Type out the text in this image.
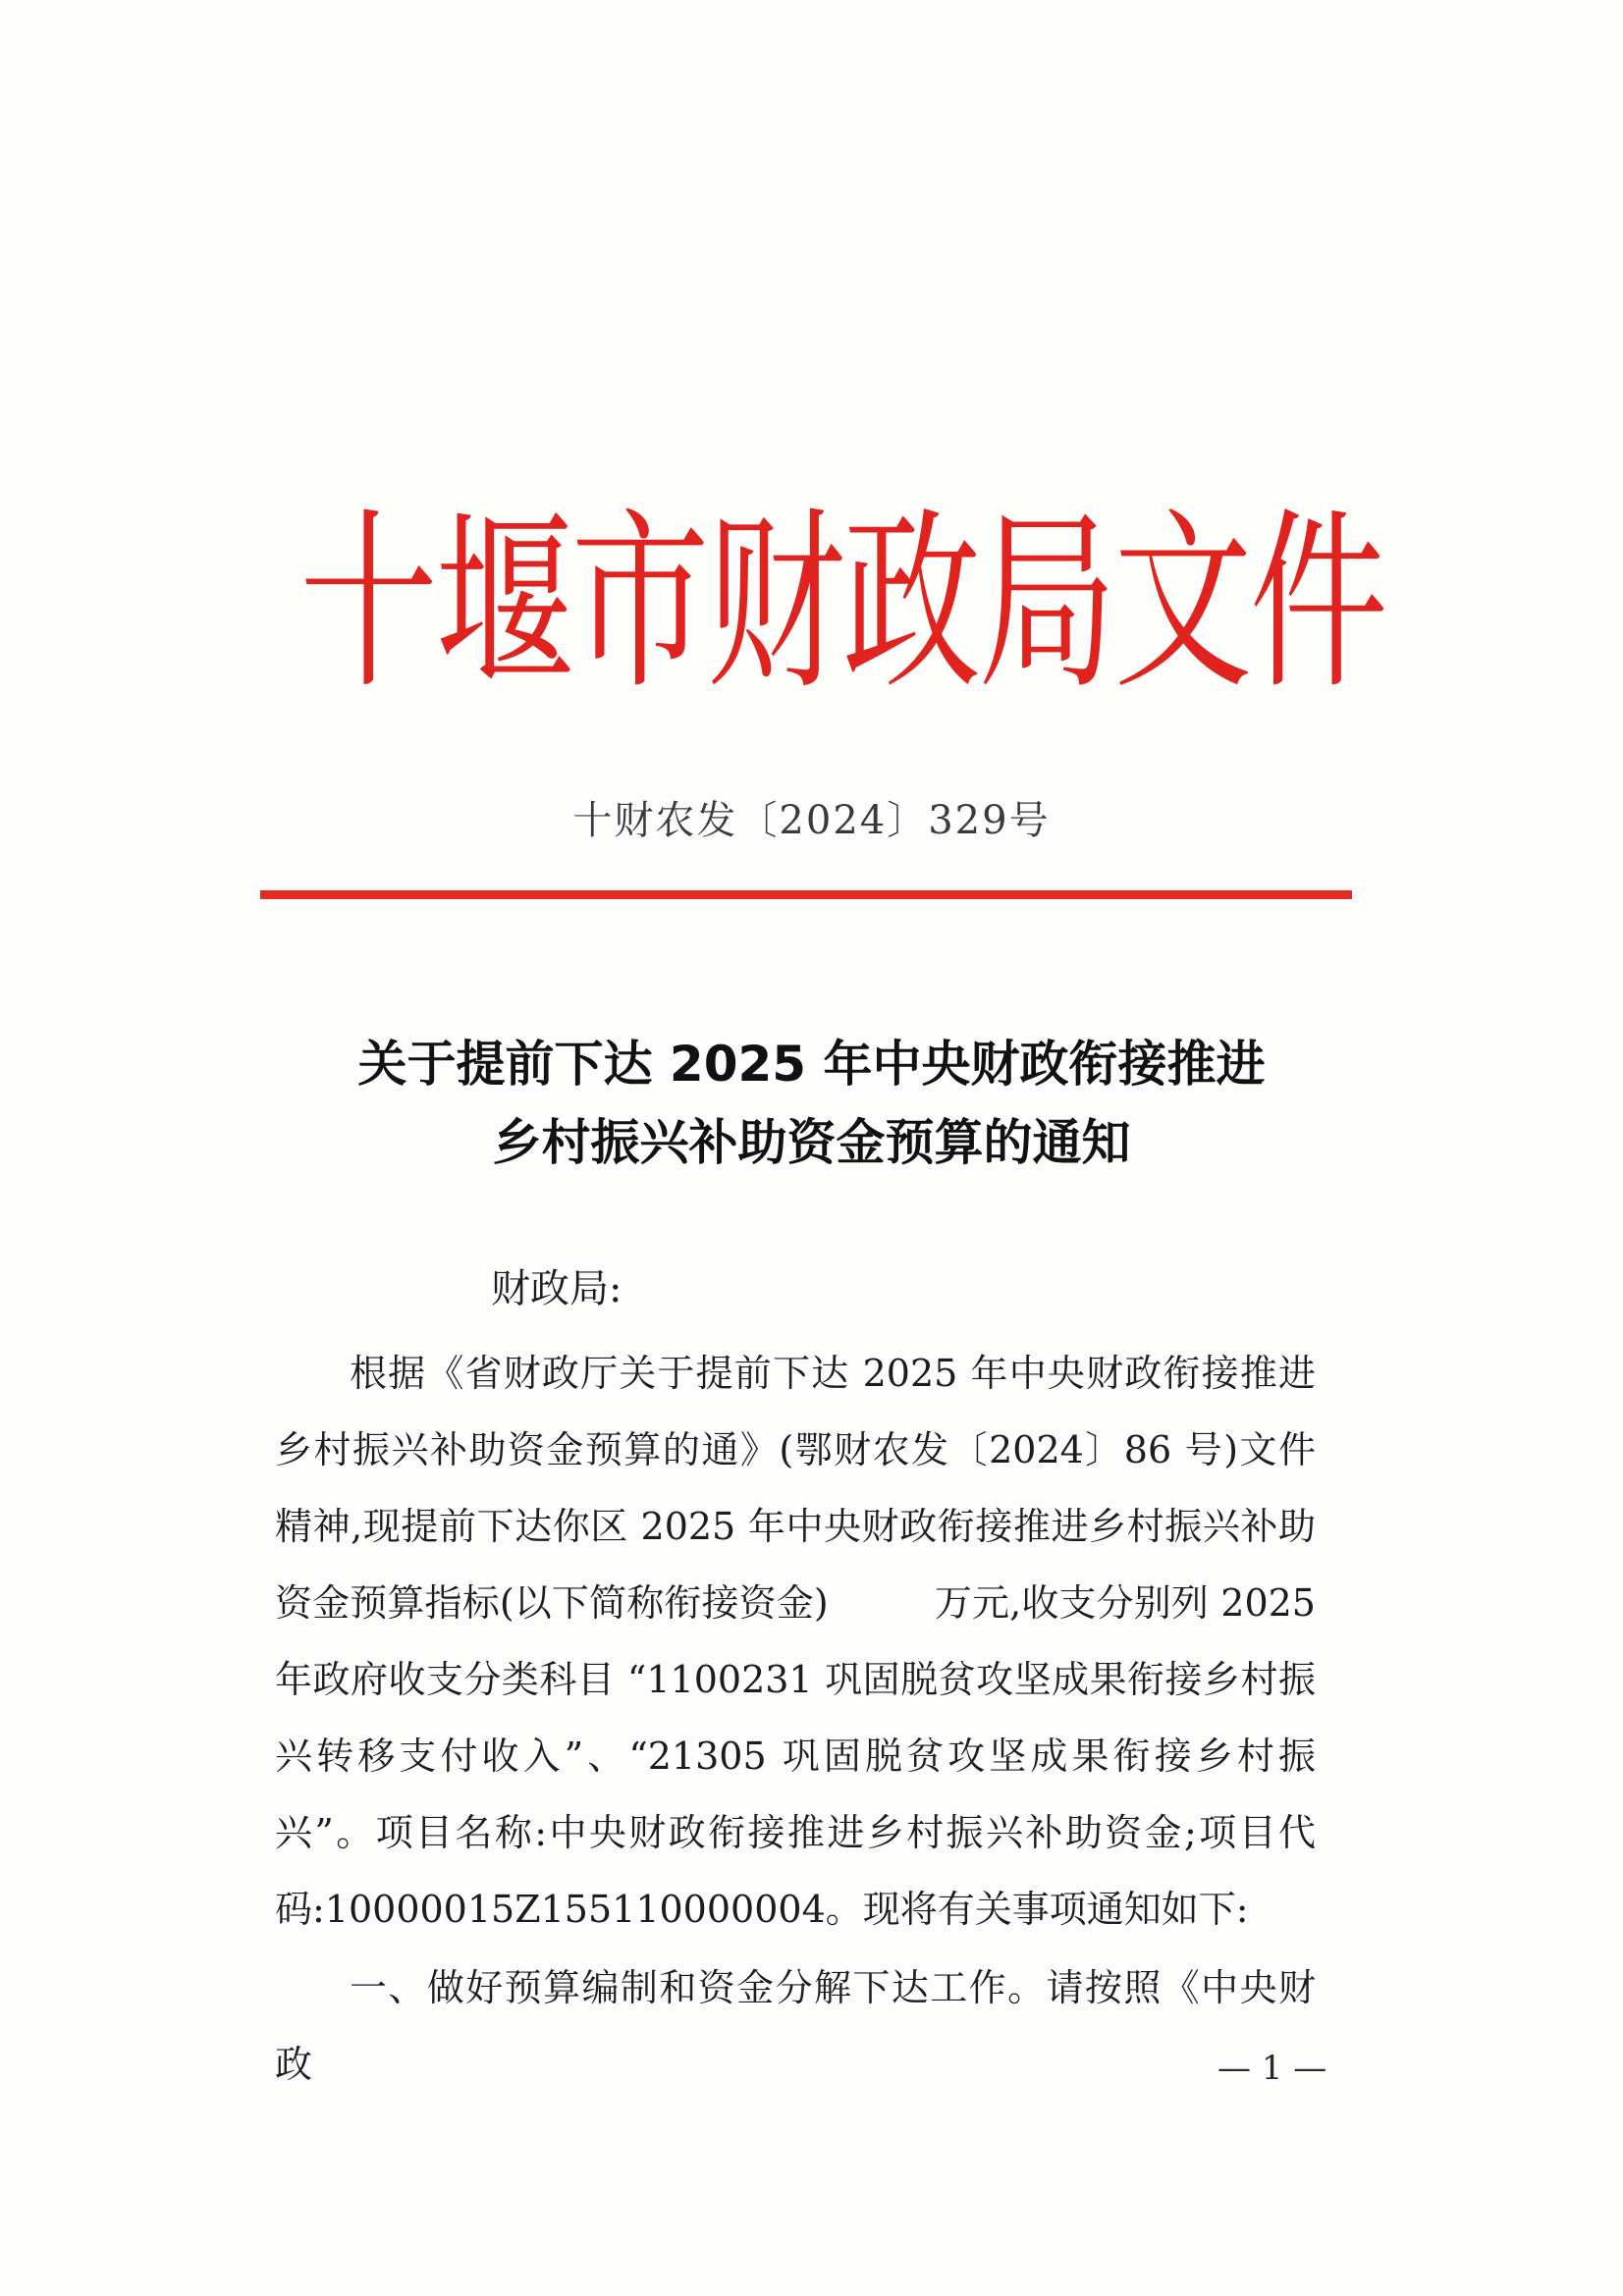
十堰市财政局文件
十财农发〔2024〕329号
关于提前下达 2025 年中央财政衔接推进
乡村振兴补助资金预算的通知
财政局:

根据《省财政厅关于提前下达 2025 年中央财政衔接推进乡村振兴补助资金预算的通》(鄂财农发〔2024〕86 号)文件精神,现提前下达你区 2025 年中央财政衔接推进乡村振兴补助资金预算指标(以下简称衔接资金)	万元,收支分别列 2025 年政府收支分类科目 “1100231 巩固脱贫攻坚成果衔接乡村振兴转移支付收入”、“21305 巩固脱贫攻坚成果衔接乡村振兴”。项目名称:中央财政衔接推进乡村振兴补助资金;项目代码:10000015Z155110000004。现将有关事项通知如下:

一、做好预算编制和资金分解下达工作。请按照《中央财政	— 1 —
